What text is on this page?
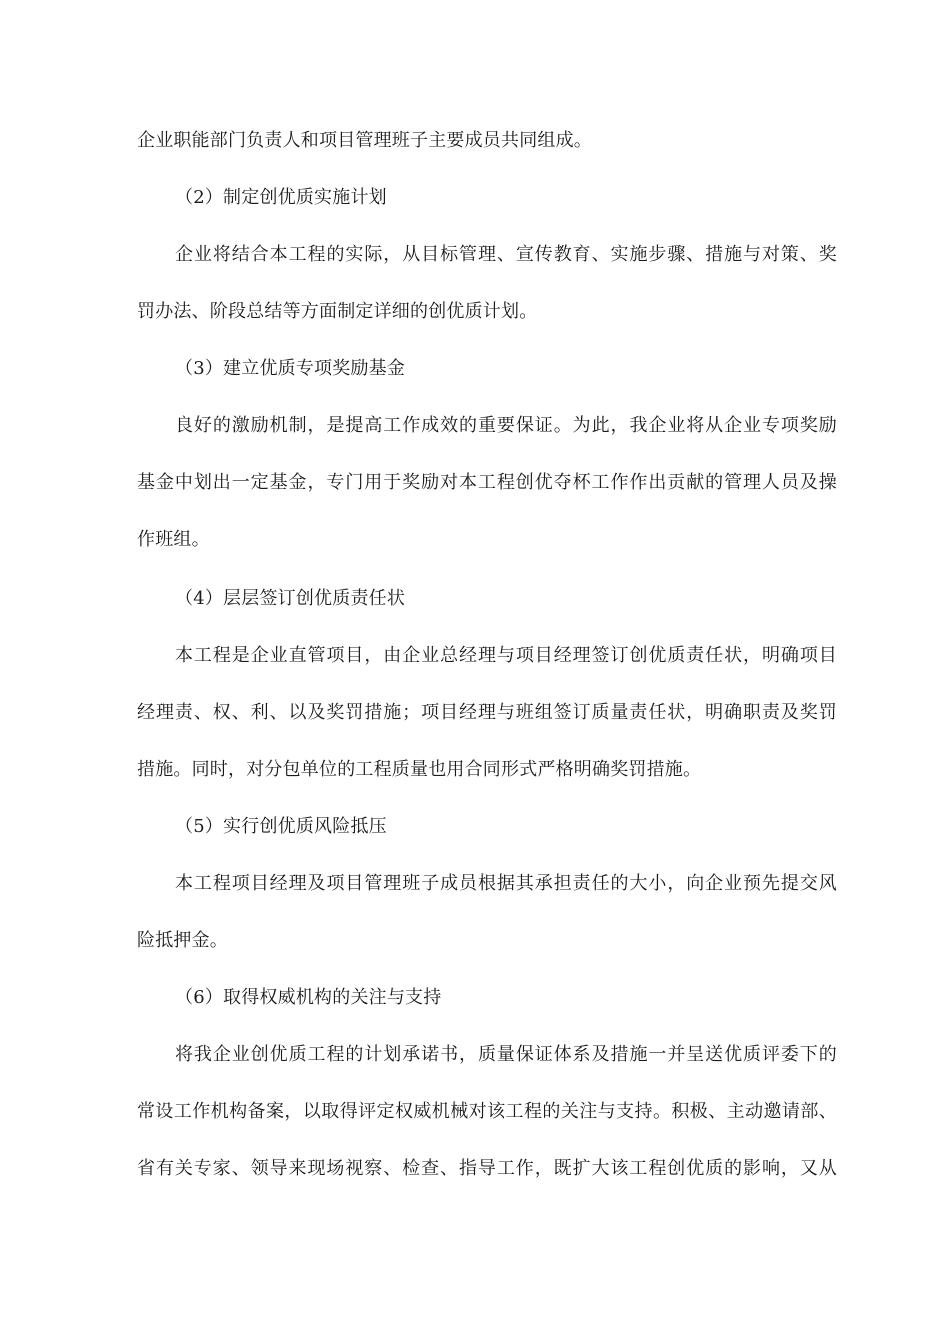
企业职能部门负责人和项目管理班子主要成员共同组成。
（2）制定创优质实施计划
企业将结合本工程的实际，从目标管理、宣传教育、实施步骤、措施与对策、奖
罚办法、阶段总结等方面制定详细的创优质计划。
（3）建立优质专项奖励基金
良好的激励机制，是提高工作成效的重要保证。为此，我企业将从企业专项奖励
基金中划出一定基金，专门用于奖励对本工程创优夺杯工作作出贡献的管理人员及操
作班组。
（4）层层签订创优质责任状
本工程是企业直管项目，由企业总经理与项目经理签订创优质责任状，明确项目
经理责、权、利、以及奖罚措施；项目经理与班组签订质量责任状，明确职责及奖罚
措施。同时，对分包单位的工程质量也用合同形式严格明确奖罚措施。
（5）实行创优质风险抵压
本工程项目经理及项目管理班子成员根据其承担责任的大小，向企业预先提交风
险抵押金。
（6）取得权威机构的关注与支持
将我企业创优质工程的计划承诺书，质量保证体系及措施一并呈送优质评委下的
常设工作机构备案，以取得评定权威机械对该工程的关注与支持。积极、主动邀请部、
省有关专家、领导来现场视察、检查、指导工作，既扩大该工程创优质的影响，又从
